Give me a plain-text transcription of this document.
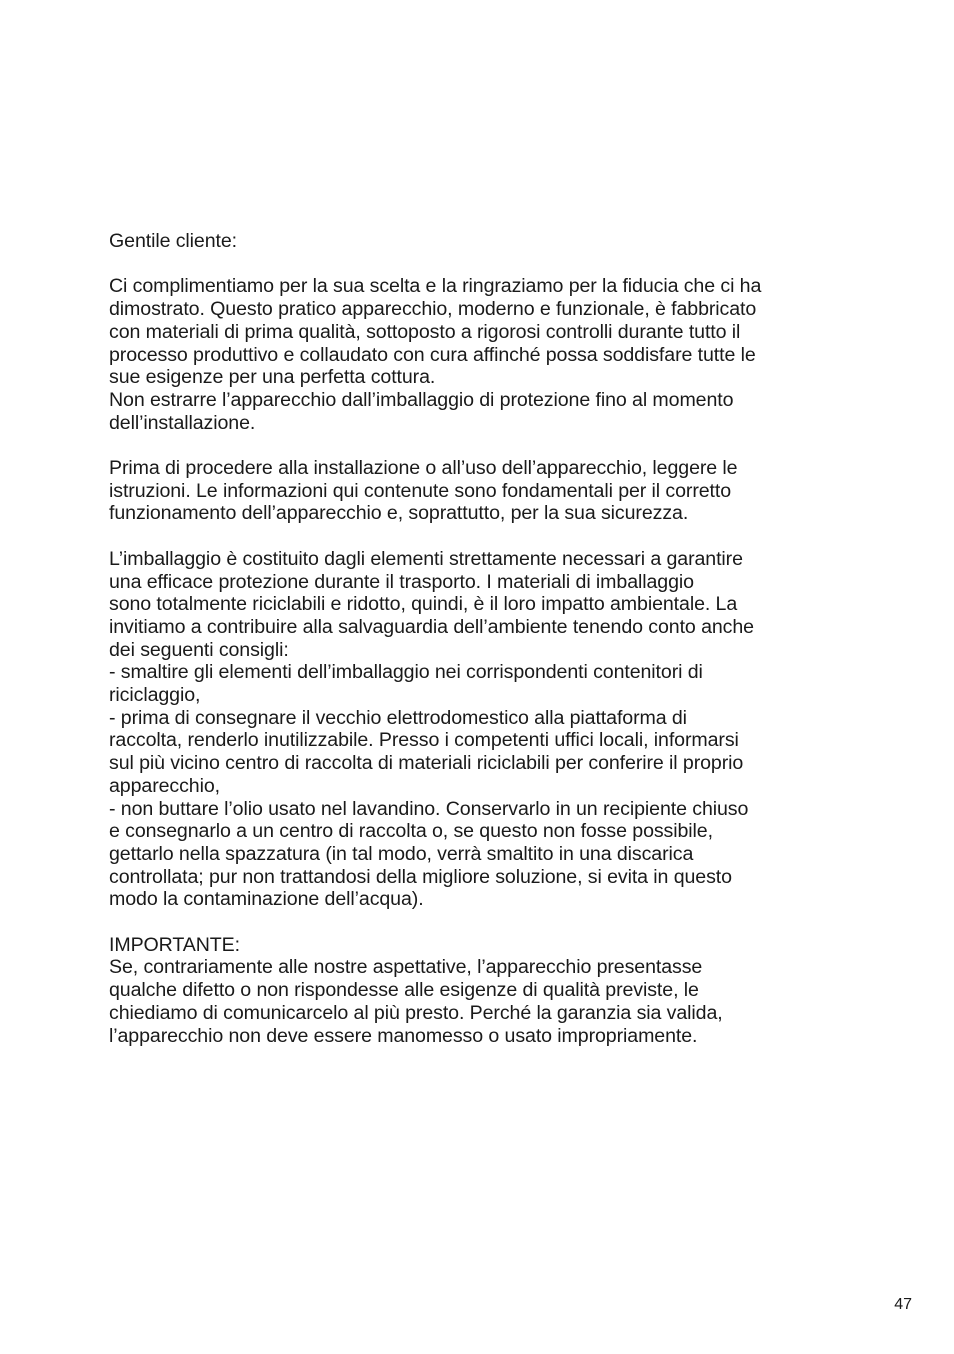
Gentile cliente:
Ci complimentiamo per la sua scelta e la ringraziamo per la fiducia che ci ha
dimostrato. Questo pratico apparecchio, moderno e funzionale, è fabbricato
con materiali di prima qualità, sottoposto a rigorosi controlli durante tutto il
processo produttivo e collaudato con cura affinché possa soddisfare tutte le
sue esigenze per una perfetta cottura.
Non estrarre l’apparecchio dall’imballaggio di protezione fino al momento
dell’installazione.
Prima di procedere alla installazione o all’uso dell’apparecchio, leggere le
istruzioni. Le informazioni qui contenute sono fondamentali per il corretto
funzionamento dell’apparecchio e, soprattutto, per la sua sicurezza.
L’imballaggio è costituito dagli elementi strettamente necessari a garantire
una efficace protezione durante il trasporto. I materiali di imballaggio
sono totalmente riciclabili e ridotto, quindi, è il loro impatto ambientale. La
invitiamo a contribuire alla salvaguardia dell’ambiente tenendo conto anche
dei seguenti consigli:
- smaltire gli elementi dell’imballaggio nei corrispondenti contenitori di
riciclaggio,
- prima di consegnare il vecchio elettrodomestico alla piattaforma di
raccolta, renderlo inutilizzabile. Presso i competenti uffici locali, informarsi
sul più vicino centro di raccolta di materiali riciclabili per conferire il proprio
apparecchio,
- non buttare l’olio usato nel lavandino. Conservarlo in un recipiente chiuso
e consegnarlo a un centro di raccolta o, se questo non fosse possibile,
gettarlo nella spazzatura (in tal modo, verrà smaltito in una discarica
controllata; pur non trattandosi della migliore soluzione, si evita in questo
modo la contaminazione dell’acqua).
IMPORTANTE:
Se, contrariamente alle nostre aspettative, l’apparecchio presentasse
qualche difetto o non rispondesse alle esigenze di qualità previste, le
chiediamo di comunicarcelo al più presto. Perché la garanzia sia valida,
l’apparecchio non deve essere manomesso o usato impropriamente.
47
